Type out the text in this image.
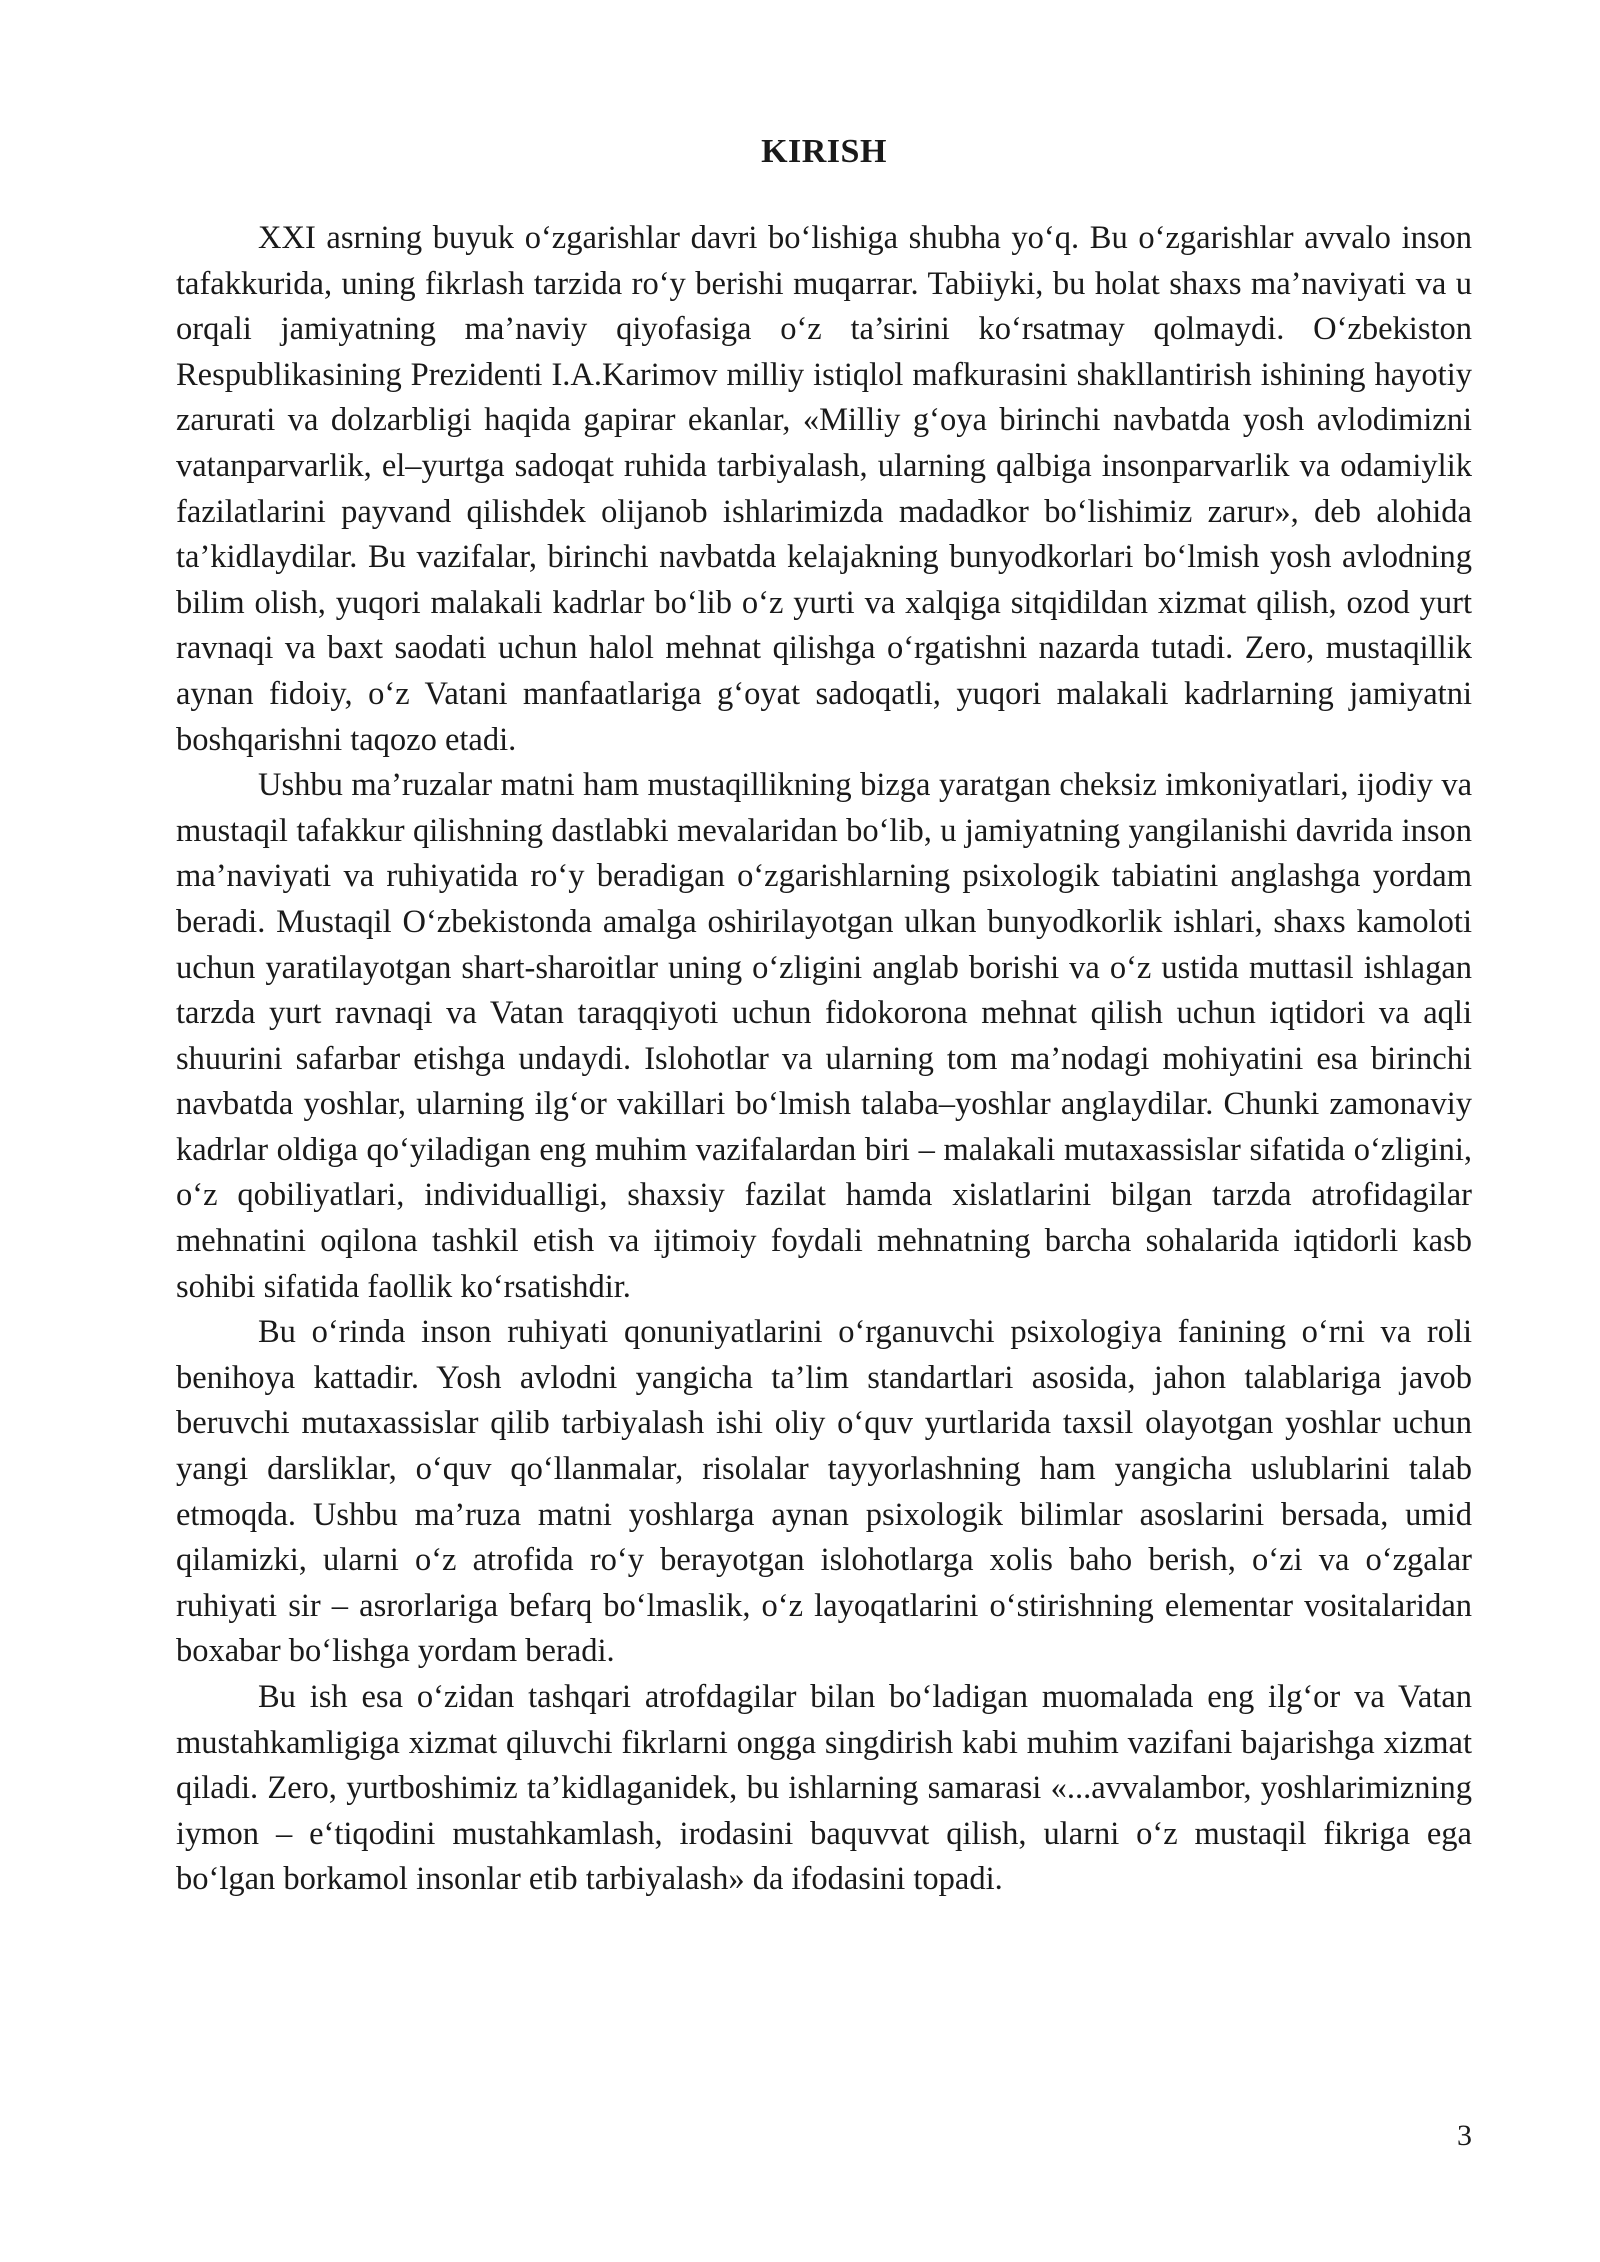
KIRISH

XXI asrning buyuk o‘zgarishlar davri bo‘lishiga shubha yo‘q. Bu o‘zgarishlar avvalo inson tafakkurida, uning fikrlash tarzida ro‘y berishi muqarrar. Tabiiyki, bu holat shaxs ma’naviyati va u orqali jamiyatning ma’naviy qiyofasiga o‘z ta’sirini ko‘rsatmay qolmaydi. O‘zbekiston Respublikasining Prezidenti I.A.Karimov milliy istiqlol mafkurasini shakllantirish ishining hayotiy zarurati va dolzarbligi haqida gapirar ekanlar, «Milliy g‘oya birinchi navbatda yosh avlodimizni vatanparvarlik, el–yurtga sadoqat ruhida tarbiyalash, ularning qalbiga insonparvarlik va odamiylik fazilatlarini payvand qilishdek olijanob ishlarimizda madadkor bo‘lishimiz zarur», deb alohida ta’kidlaydilar. Bu vazifalar, birinchi navbatda kelajakning bunyodkorlari bo‘lmish yosh avlodning bilim olish, yuqori malakali kadrlar bo‘lib o‘z yurti va xalqiga sitqidildan xizmat qilish, ozod yurt ravnaqi va baxt saodati uchun halol mehnat qilishga o‘rgatishni nazarda tutadi. Zero, mustaqillik aynan fidoiy, o‘z Vatani manfaatlariga g‘oyat sadoqatli, yuqori malakali kadrlarning jamiyatni boshqarishni taqozo etadi.

Ushbu ma’ruzalar matni ham mustaqillikning bizga yaratgan cheksiz imkoniyatlari, ijodiy va mustaqil tafakkur qilishning dastlabki mevalaridan bo‘lib, u jamiyatning yangilanishi davrida inson ma’naviyati va ruhiyatida ro‘y beradigan o‘zgarishlarning psixologik tabiatini anglashga yordam beradi. Mustaqil O‘zbekistonda amalga oshirilayotgan ulkan bunyodkorlik ishlari, shaxs kamoloti uchun yaratilayotgan shart-sharoitlar uning o‘zligini anglab borishi va o‘z ustida muttasil ishlagan tarzda yurt ravnaqi va Vatan taraqqiyoti uchun fidokorona mehnat qilish uchun iqtidori va aqli shuurini safarbar etishga undaydi. Islohotlar va ularning tom ma’nodagi mohiyatini esa birinchi navbatda yoshlar, ularning ilg‘or vakillari bo‘lmish talaba–yoshlar anglaydilar. Chunki zamonaviy kadrlar oldiga qo‘yiladigan eng muhim vazifalardan biri – malakali mutaxassislar sifatida o‘zligini, o‘z qobiliyatlari, individualligi, shaxsiy fazilat hamda xislatlarini bilgan tarzda atrofidagilar mehnatini oqilona tashkil etish va ijtimoiy foydali mehnatning barcha sohalarida iqtidorli kasb sohibi sifatida faollik ko‘rsatishdir.

Bu o‘rinda inson ruhiyati qonuniyatlarini o‘rganuvchi psixologiya fanining o‘rni va roli benihoya kattadir. Yosh avlodni yangicha ta’lim standartlari asosida, jahon talablariga javob beruvchi mutaxassislar qilib tarbiyalash ishi oliy o‘quv yurtlarida taxsil olayotgan yoshlar uchun yangi darsliklar, o‘quv qo‘llanmalar, risolalar tayyorlashning ham yangicha uslublarini talab etmoqda. Ushbu ma’ruza matni yoshlarga aynan psixologik bilimlar asoslarini bersada, umid qilamizki, ularni o‘z atrofida ro‘y berayotgan islohotlarga xolis baho berish, o‘zi va o‘zgalar ruhiyati sir – asrorlariga befarq bo‘lmaslik, o‘z layoqatlarini o‘stirishning elementar vositalaridan boxabar bo‘lishga yordam beradi.

Bu ish esa o‘zidan tashqari atrofdagilar bilan bo‘ladigan muomalada eng ilg‘or va Vatan mustahkamligiga xizmat qiluvchi fikrlarni ongga singdirish kabi muhim vazifani bajarishga xizmat qiladi. Zero, yurtboshimiz ta’kidlaganidek, bu ishlarning samarasi «...avvalambor, yoshlarimizning iymon – e‘tiqodini mustahkamlash, irodasini baquvvat qilish, ularni o‘z mustaqil fikriga ega bo‘lgan borkamol insonlar etib tarbiyalash» da ifodasini topadi.

3
